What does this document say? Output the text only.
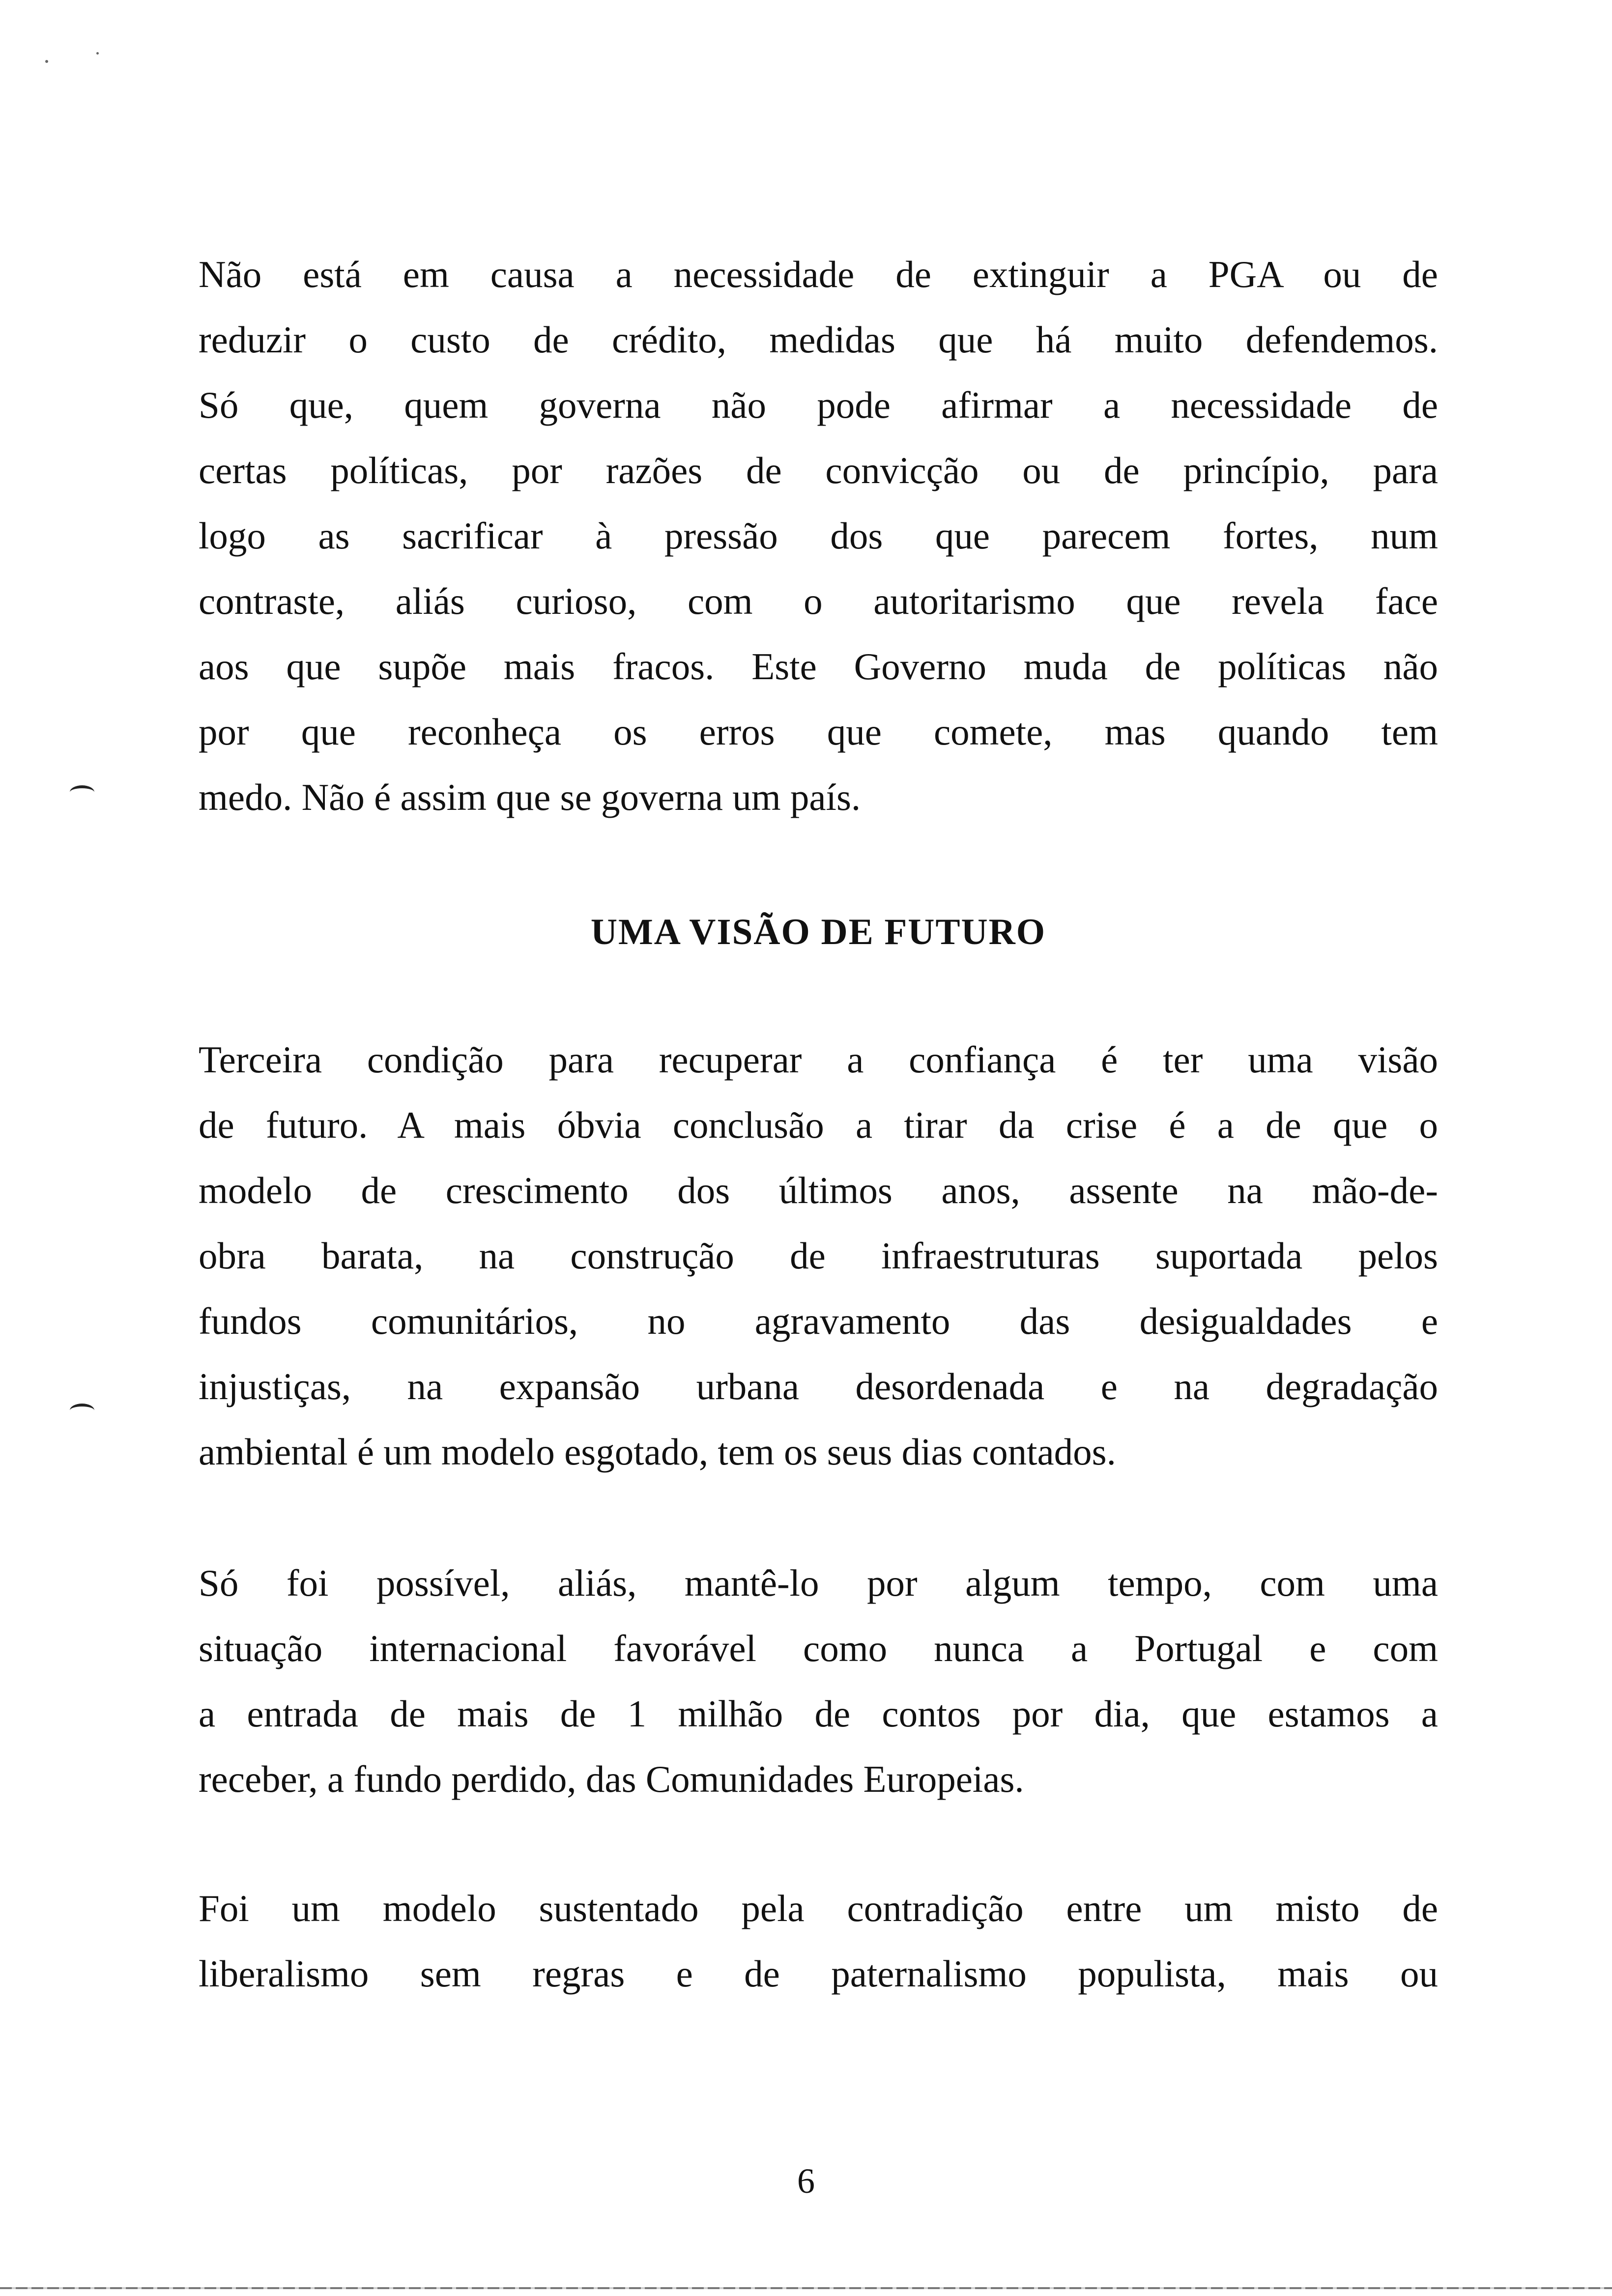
Não está em causa a necessidade de extinguir a PGA ou de
reduzir o custo de crédito, medidas que há muito defendemos.
Só que, quem governa não pode afirmar a necessidade de
certas políticas, por razões de convicção ou de princípio, para
logo as sacrificar à pressão dos que parecem fortes, num
contraste, aliás curioso, com o autoritarismo que revela face
aos que supõe mais fracos. Este Governo muda de políticas não
por que reconheça os erros que comete, mas quando tem
medo. Não é assim que se governa um país.
UMA VISÃO DE FUTURO
Terceira condição para recuperar a confiança é ter uma visão
de futuro. A mais óbvia conclusão a tirar da crise é a de que o
modelo de crescimento dos últimos anos, assente na mão-de-
obra barata, na construção de infraestruturas suportada pelos
fundos comunitários, no agravamento das desigualdades e
injustiças, na expansão urbana desordenada e na degradação
ambiental é um modelo esgotado, tem os seus dias contados.
Só foi possível, aliás, mantê-lo por algum tempo, com uma
situação internacional favorável como nunca a Portugal e com
a entrada de mais de 1 milhão de contos por dia, que estamos a
receber, a fundo perdido, das Comunidades Europeias.
Foi um modelo sustentado pela contradição entre um misto de
liberalismo sem regras e de paternalismo populista, mais ou
6
